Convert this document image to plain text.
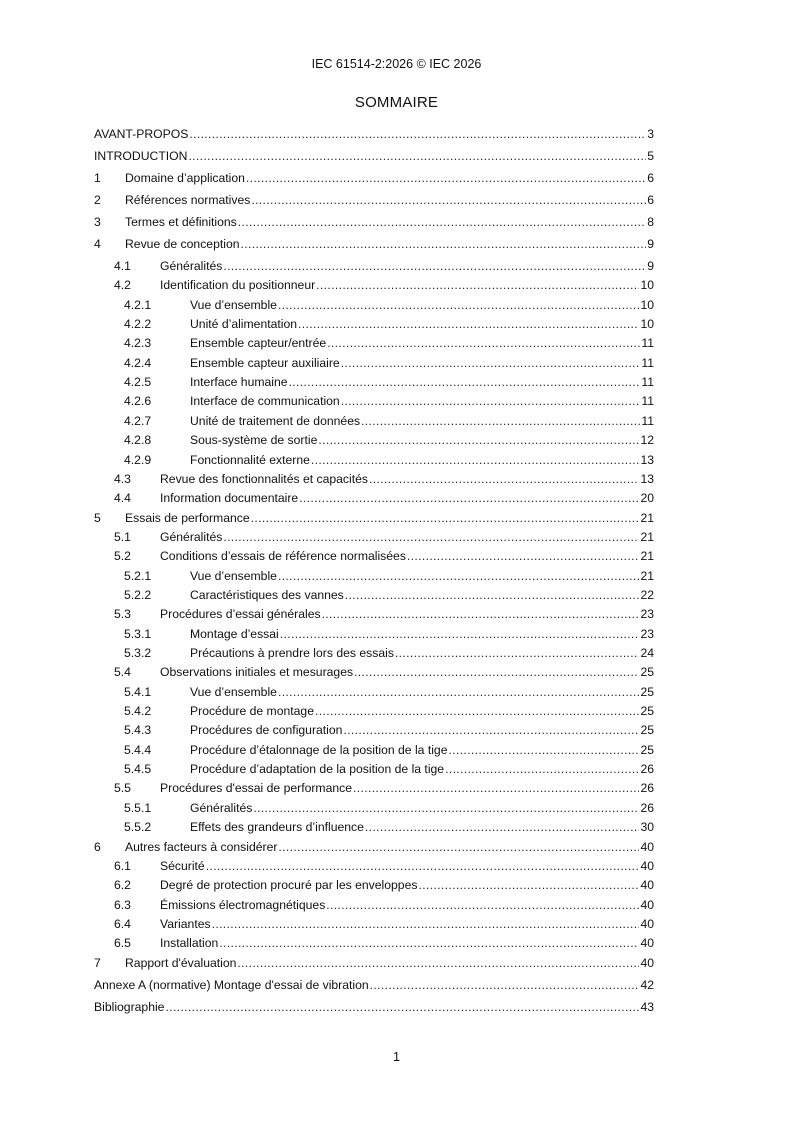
IEC 61514-2:2026 © IEC 2026
SOMMAIRE
AVANT-PROPOS .....	3
INTRODUCTION .....	5
1	Domaine d’application .....	6
2	Références normatives .....	6
3	Termes et définitions .....	8
4	Revue de conception .....	9
4.1	Généralités .....	9
4.2	Identification du positionneur .....	10
4.2.1	Vue d’ensemble .....	10
4.2.2	Unité d’alimentation .....	10
4.2.3	Ensemble capteur/entrée .....	11
4.2.4	Ensemble capteur auxiliaire .....	11
4.2.5	Interface humaine .....	11
4.2.6	Interface de communication .....	11
4.2.7	Unité de traitement de données .....	11
4.2.8	Sous-système de sortie .....	12
4.2.9	Fonctionnalité externe .....	13
4.3	Revue des fonctionnalités et capacités .....	13
4.4	Information documentaire .....	20
5	Essais de performance .....	21
5.1	Généralités .....	21
5.2	Conditions d’essais de référence normalisées .....	21
5.2.1	Vue d’ensemble .....	21
5.2.2	Caractéristiques des vannes .....	22
5.3	Procédures d’essai générales .....	23
5.3.1	Montage d’essai .....	23
5.3.2	Précautions à prendre lors des essais .....	24
5.4	Observations initiales et mesurages .....	25
5.4.1	Vue d’ensemble .....	25
5.4.2	Procédure de montage .....	25
5.4.3	Procédures de configuration .....	25
5.4.4	Procédure d’étalonnage de la position de la tige .....	25
5.4.5	Procédure d’adaptation de la position de la tige .....	26
5.5	Procédures d'essai de performance .....	26
5.5.1	Généralités .....	26
5.5.2	Effets des grandeurs d’influence .....	30
6	Autres facteurs à considérer .....	40
6.1	Sécurité .....	40
6.2	Degré de protection procuré par les enveloppes .....	40
6.3	Émissions électromagnétiques .....	40
6.4	Variantes .....	40
6.5	Installation .....	40
7	Rapport d'évaluation .....	40
Annexe A (normative) Montage d'essai de vibration .....	42
Bibliographie .....	43
1
